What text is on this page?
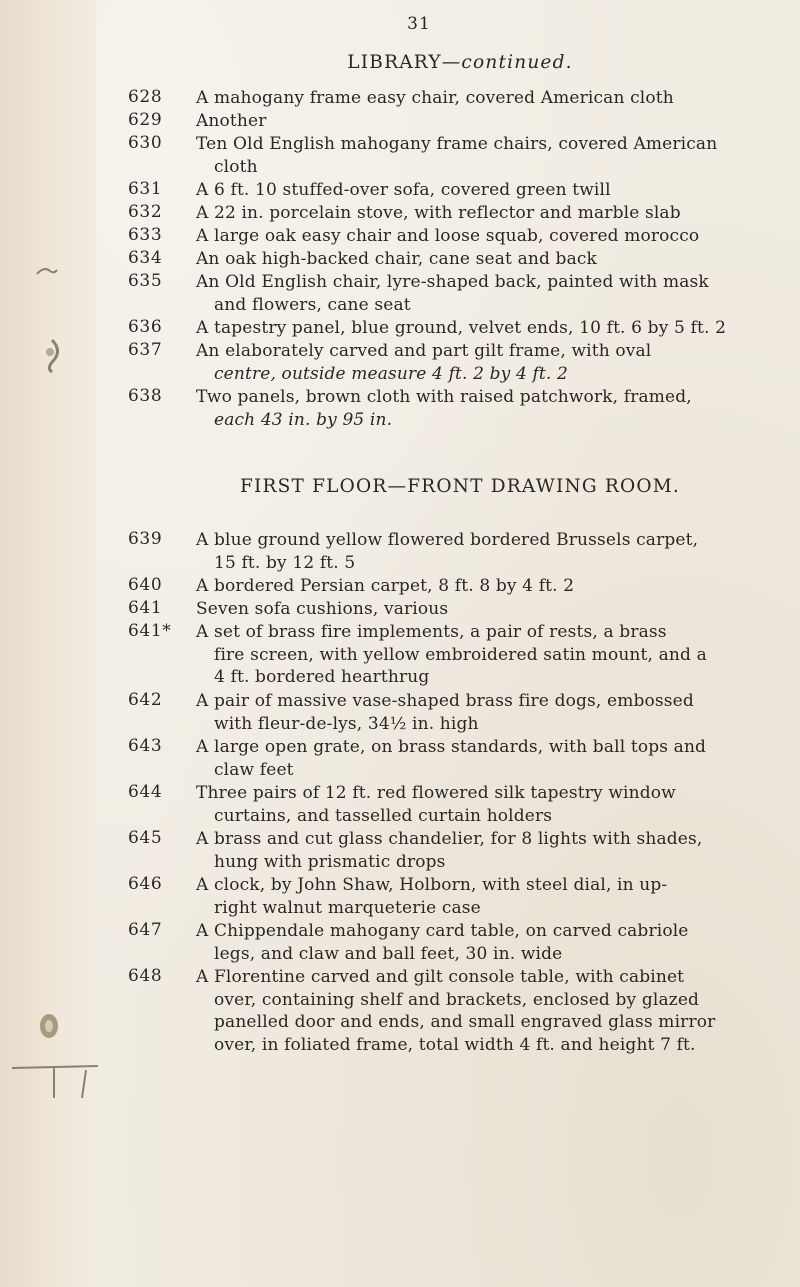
31
LIBRARY—continued.
628	A mahogany frame easy chair, covered American cloth
629	Another
630	Ten Old English mahogany frame chairs, covered American
cloth
631	A 6 ft. 10 stuffed-over sofa, covered green twill
632	A 22 in. porcelain stove, with reflector and marble slab
633	A large oak easy chair and loose squab, covered morocco
634	An oak high-backed chair, cane seat and back
635	An Old English chair, lyre-shaped back, painted with mask
and flowers, cane seat
636	A tapestry panel, blue ground, velvet ends, 10 ft. 6 by 5 ft. 2
637	An elaborately carved and part gilt frame, with oval
centre, outside measure 4 ft. 2 by 4 ft. 2
638	Two panels, brown cloth with raised patchwork, framed,
each 43 in. by 95 in.
FIRST FLOOR—FRONT DRAWING ROOM.
639	A blue ground yellow flowered bordered Brussels carpet,
15 ft. by 12 ft. 5
640	A bordered Persian carpet, 8 ft. 8 by 4 ft. 2
641	Seven sofa cushions, various
641*	A set of brass fire implements, a pair of rests, a brass
fire screen, with yellow embroidered satin mount, and a
4 ft. bordered hearthrug
642	A pair of massive vase-shaped brass fire dogs, embossed
with fleur-de-lys, 34½ in. high
643	A large open grate, on brass standards, with ball tops and
claw feet
644	Three pairs of 12 ft. red flowered silk tapestry window
curtains, and tasselled curtain holders
645	A brass and cut glass chandelier, for 8 lights with shades,
hung with prismatic drops
646	A clock, by John Shaw, Holborn, with steel dial, in up-
right walnut marqueterie case
647	A Chippendale mahogany card table, on carved cabriole
legs, and claw and ball feet, 30 in. wide
648	A Florentine carved and gilt console table, with cabinet
over, containing shelf and brackets, enclosed by glazed
panelled door and ends, and small engraved glass mirror
over, in foliated frame, total width 4 ft. and height 7 ft.
